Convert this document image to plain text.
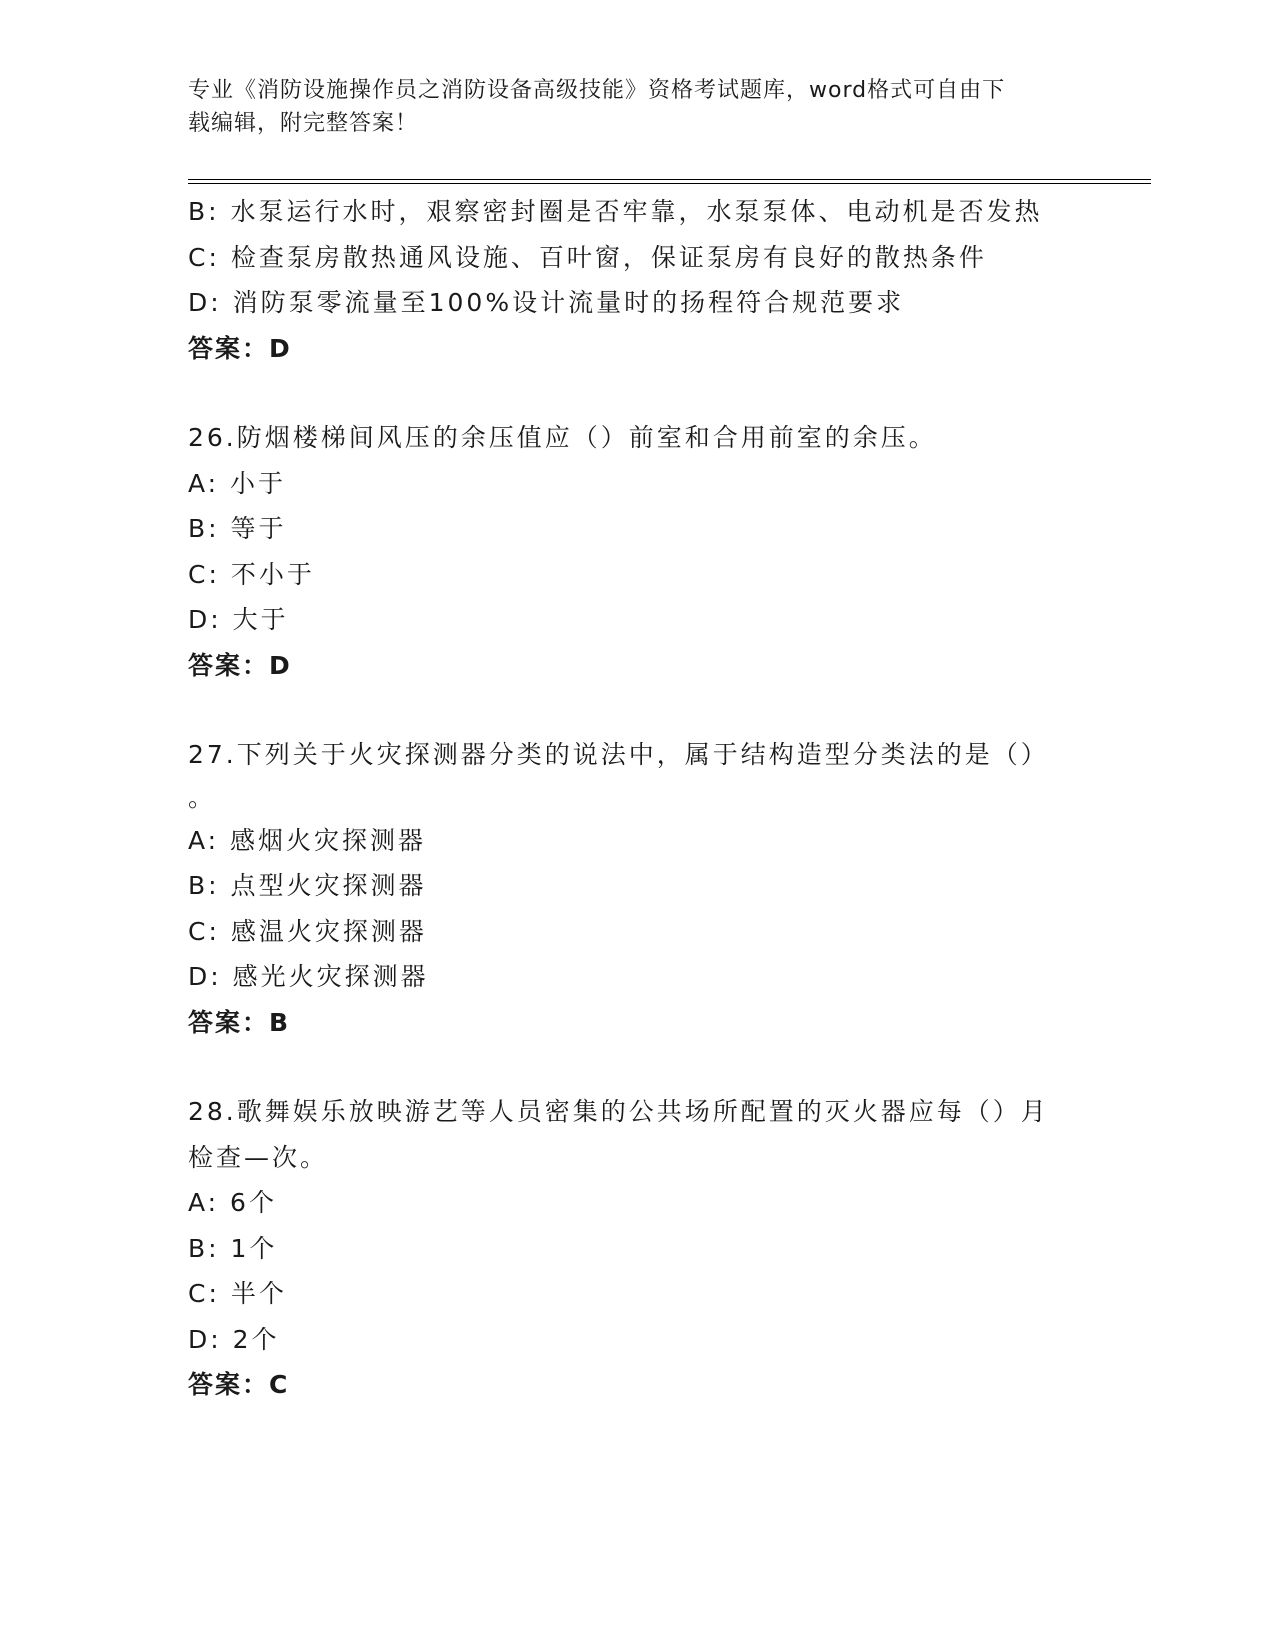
专业《消防设施操作员之消防设备高级技能》资格考试题库，word格式可自由下
载编辑，附完整答案！
B: 水泵运行水时，艰察密封圈是否牢靠，水泵泵体、电动机是否发热
C: 检查泵房散热通风设施、百叶窗，保证泵房有良好的散热条件
D: 消防泵零流量至100%设计流量时的扬程符合规范要求
答案：D
26.防烟楼梯间风压的余压值应（）前室和合用前室的余压。
A: 小于
B: 等于
C: 不小于
D: 大于
答案：D
27.下列关于火灾探测器分类的说法中，属于结构造型分类法的是（）
。
A: 感烟火灾探测器
B: 点型火灾探测器
C: 感温火灾探测器
D: 感光火灾探测器
答案：B
28.歌舞娱乐放映游艺等人员密集的公共场所配置的灭火器应每（）月
检查—次。
A: 6个
B: 1个
C: 半个
D: 2个
答案：C
